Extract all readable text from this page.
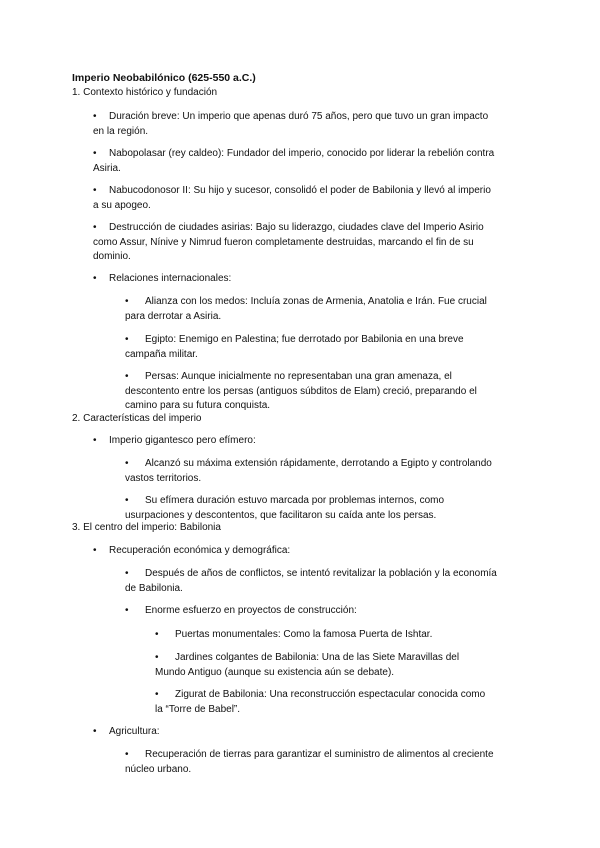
Imperio Neobabilónico (625-550 a.C.)
1. Contexto histórico y fundación
• Duración breve: Un imperio que apenas duró 75 años, pero que tuvo un gran impacto
en la región.
• Nabopolasar (rey caldeo): Fundador del imperio, conocido por liderar la rebelión contra
Asiria.
• Nabucodonosor II: Su hijo y sucesor, consolidó el poder de Babilonia y llevó al imperio
a su apogeo.
• Destrucción de ciudades asirias: Bajo su liderazgo, ciudades clave del Imperio Asirio
como Assur, Nínive y Nimrud fueron completamente destruidas, marcando el fin de su
dominio.
• Relaciones internacionales:
• Alianza con los medos: Incluía zonas de Armenia, Anatolia e Irán. Fue crucial
para derrotar a Asiria.
• Egipto: Enemigo en Palestina; fue derrotado por Babilonia en una breve
campaña militar.
• Persas: Aunque inicialmente no representaban una gran amenaza, el
descontento entre los persas (antiguos súbditos de Elam) creció, preparando el
camino para su futura conquista.
2. Características del imperio
• Imperio gigantesco pero efímero:
• Alcanzó su máxima extensión rápidamente, derrotando a Egipto y controlando
vastos territorios.
• Su efímera duración estuvo marcada por problemas internos, como
usurpaciones y descontentos, que facilitaron su caída ante los persas.
3. El centro del imperio: Babilonia
• Recuperación económica y demográfica:
• Después de años de conflictos, se intentó revitalizar la población y la economía
de Babilonia.
• Enorme esfuerzo en proyectos de construcción:
• Puertas monumentales: Como la famosa Puerta de Ishtar.
• Jardines colgantes de Babilonia: Una de las Siete Maravillas del
Mundo Antiguo (aunque su existencia aún se debate).
• Zigurat de Babilonia: Una reconstrucción espectacular conocida como
la “Torre de Babel”.
• Agricultura:
• Recuperación de tierras para garantizar el suministro de alimentos al creciente
núcleo urbano.
